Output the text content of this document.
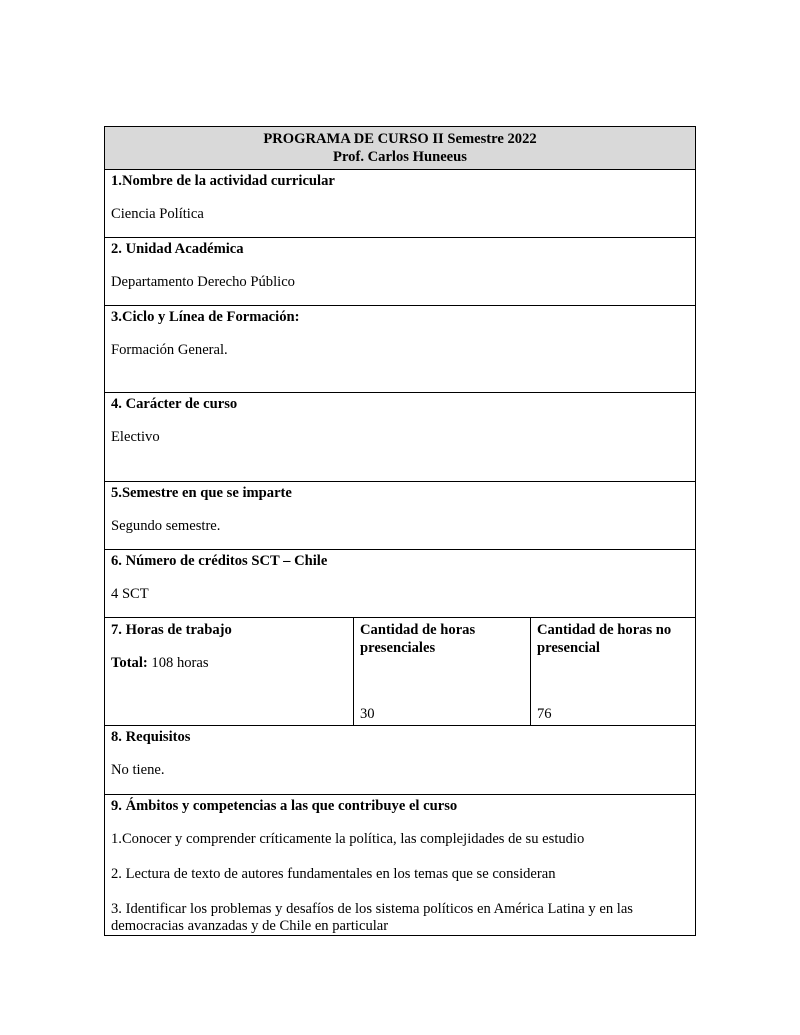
PROGRAMA DE CURSO II Semestre 2022
Prof. Carlos Huneeus
1.Nombre de la actividad curricular
Ciencia Política
2. Unidad Académica
Departamento Derecho Público
3.Ciclo y Línea de Formación:
Formación General.
4. Carácter de curso
Electivo
5.Semestre en que se imparte
Segundo semestre.
6. Número de créditos SCT – Chile
4 SCT
7. Horas de trabajo
Total: 108 horas
Cantidad de horas presenciales
30
Cantidad de horas no presencial
76
8. Requisitos
No tiene.
9. Ámbitos y competencias a las que contribuye el curso
1.Conocer y comprender críticamente la política, las complejidades de su estudio
2. Lectura de texto de autores fundamentales en los temas que se consideran
3. Identificar los problemas y desafíos de los sistema políticos en América Latina y en las democracias avanzadas y de Chile en particular
